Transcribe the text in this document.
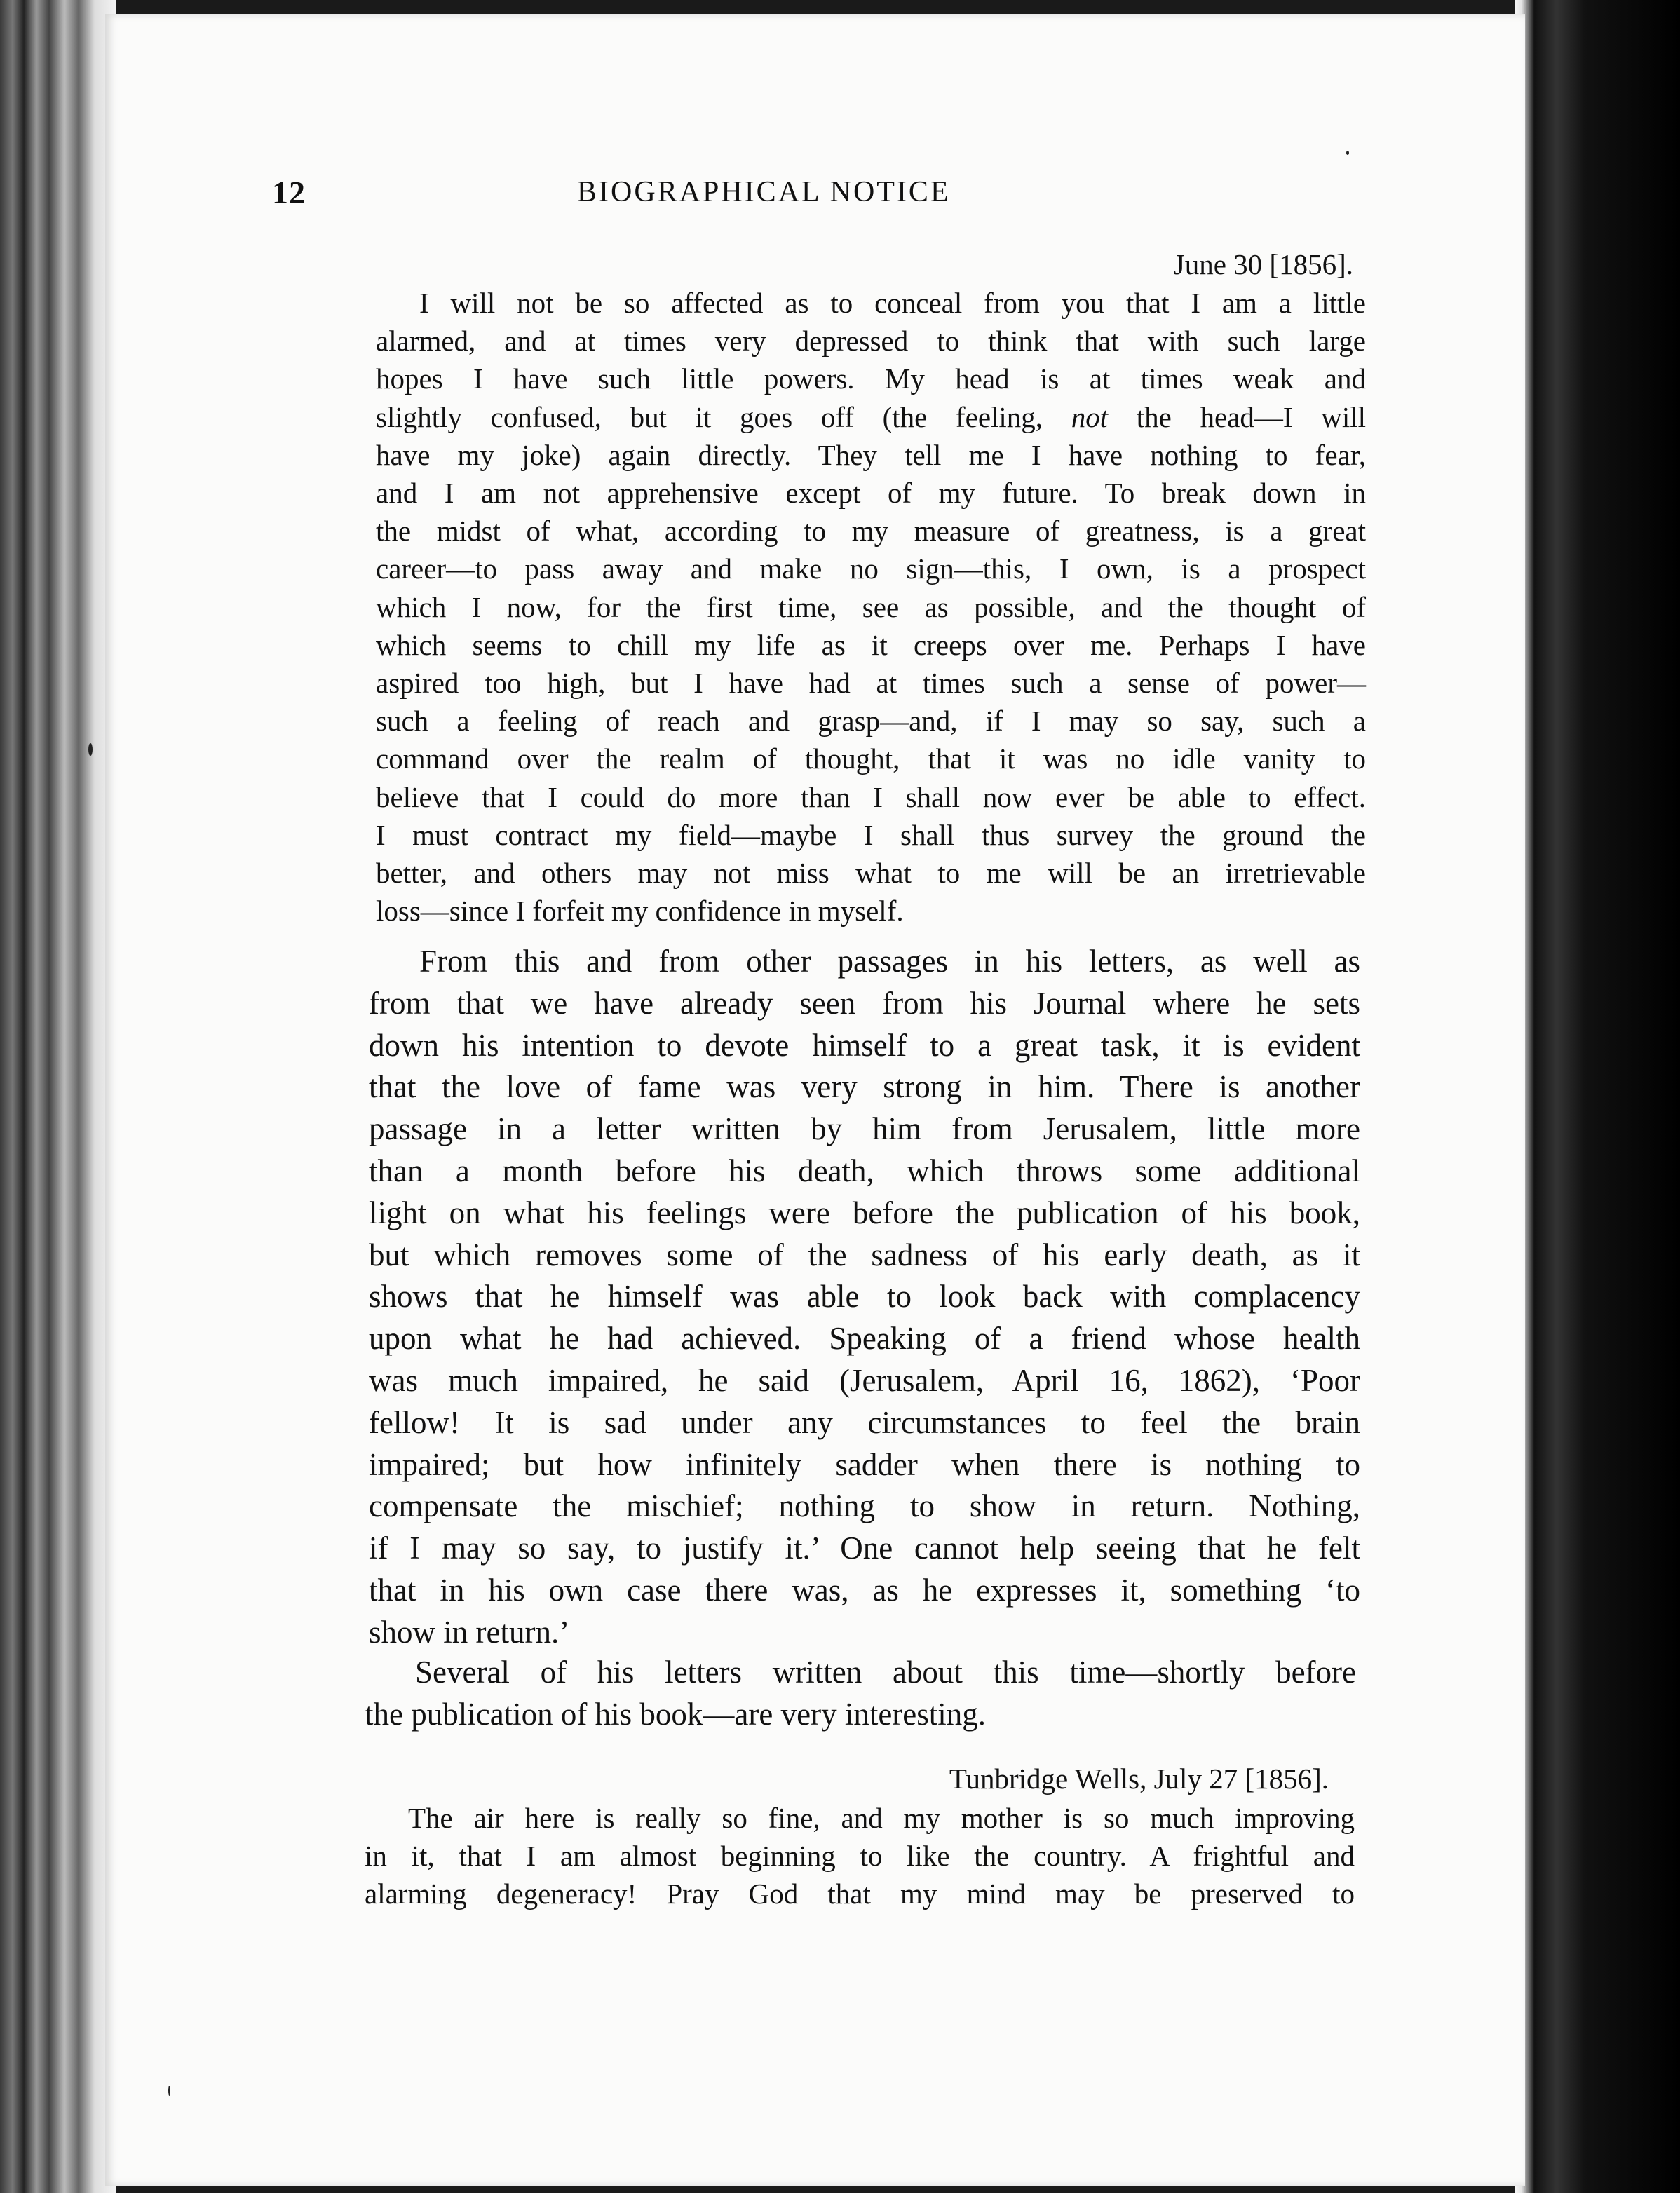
12	BIOGRAPHICAL NOTICE
June 30 [1856].
I will not be so affected as to conceal from you that I am a little
alarmed, and at times very depressed to think that with such large
hopes I have such little powers. My head is at times weak and
slightly confused, but it goes off (the feeling, not the head—I will
have my joke) again directly. They tell me I have nothing to fear,
and I am not apprehensive except of my future. To break down in
the midst of what, according to my measure of greatness, is a great
career—to pass away and make no sign—this, I own, is a prospect
which I now, for the first time, see as possible, and the thought of
which seems to chill my life as it creeps over me. Perhaps I have
aspired too high, but I have had at times such a sense of power—
such a feeling of reach and grasp—and, if I may so say, such a
command over the realm of thought, that it was no idle vanity to
believe that I could do more than I shall now ever be able to effect.
I must contract my field—maybe I shall thus survey the ground the
better, and others may not miss what to me will be an irretrievable
loss—since I forfeit my confidence in myself.
From this and from other passages in his letters, as well as
from that we have already seen from his Journal where he sets
down his intention to devote himself to a great task, it is evident
that the love of fame was very strong in him. There is another
passage in a letter written by him from Jerusalem, little more
than a month before his death, which throws some additional
light on what his feelings were before the publication of his book,
but which removes some of the sadness of his early death, as it
shows that he himself was able to look back with complacency
upon what he had achieved. Speaking of a friend whose health
was much impaired, he said (Jerusalem, April 16, 1862), ‘Poor
fellow! It is sad under any circumstances to feel the brain
impaired; but how infinitely sadder when there is nothing to
compensate the mischief; nothing to show in return. Nothing,
if I may so say, to justify it.’ One cannot help seeing that he felt
that in his own case there was, as he expresses it, something ‘to
show in return.’
Several of his letters written about this time—shortly before
the publication of his book—are very interesting.
Tunbridge Wells, July 27 [1856].
The air here is really so fine, and my mother is so much improving
in it, that I am almost beginning to like the country. A frightful and
alarming degeneracy! Pray God that my mind may be preserved to
